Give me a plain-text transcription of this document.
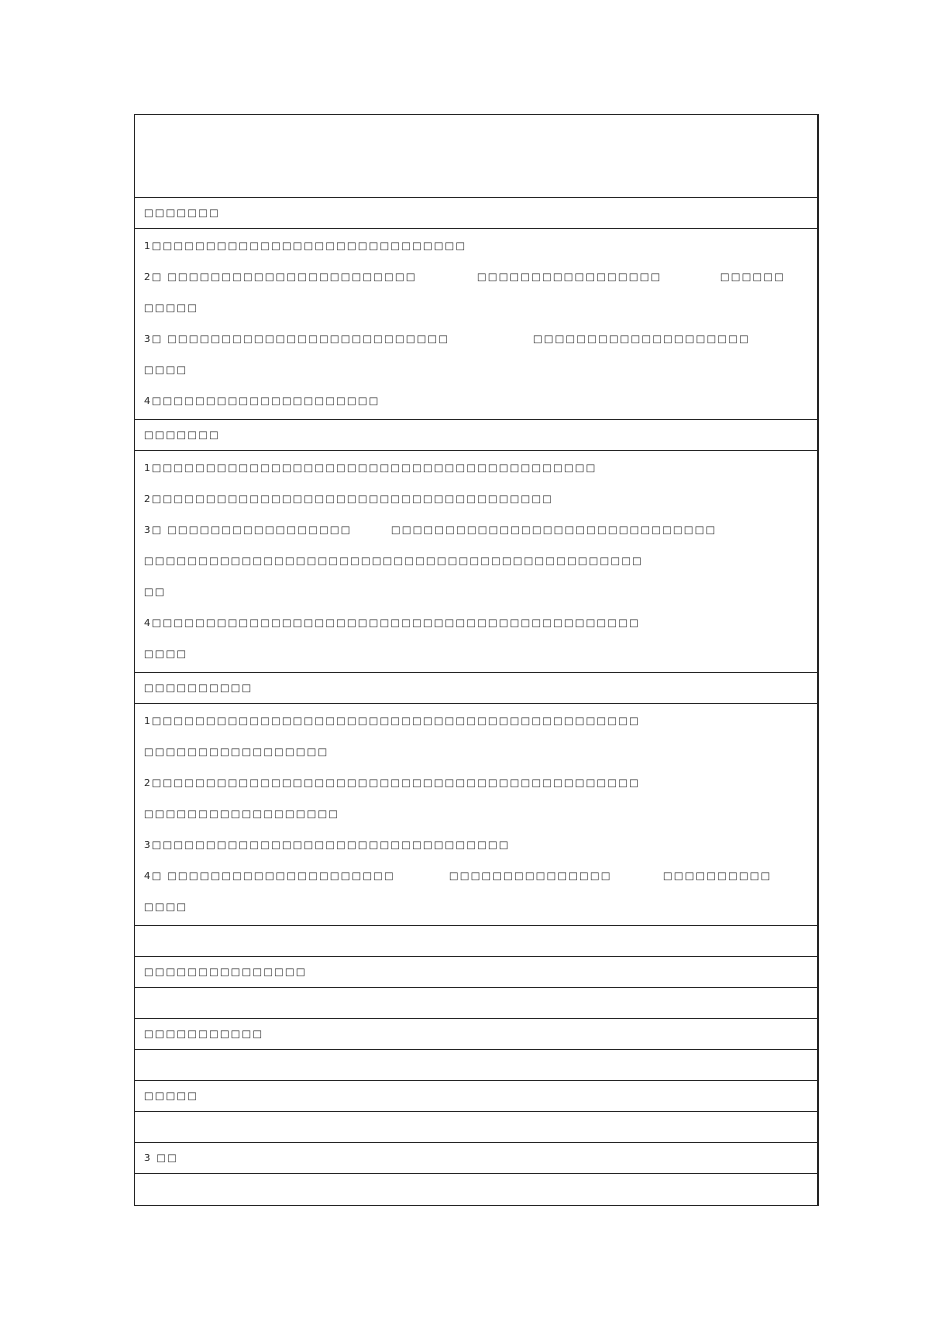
□□□□□□□
1□□□□□□□□□□□□□□□□□□□□□□□□□□□□□
2□ □□□□□□□□□□□□□□□□□□□□□□□	□□□□□□□□□□□□□□□□□	□□□□□□
□□□□□
3□ □□□□□□□□□□□□□□□□□□□□□□□□□□	□□□□□□□□□□□□□□□□□□□□
□□□□
4□□□□□□□□□□□□□□□□□□□□□
□□□□□□□
1□□□□□□□□□□□□□□□□□□□□□□□□□□□□□□□□□□□□□□□□□
2□□□□□□□□□□□□□□□□□□□□□□□□□□□□□□□□□□□□□
3□ □□□□□□□□□□□□□□□□□	□□□□□□□□□□□□□□□□□□□□□□□□□□□□□□
□□□□□□□□□□□□□□□□□□□□□□□□□□□□□□□□□□□□□□□□□□□□□□
□□
4□□□□□□□□□□□□□□□□□□□□□□□□□□□□□□□□□□□□□□□□□□□□□
□□□□
□□□□□□□□□□
1□□□□□□□□□□□□□□□□□□□□□□□□□□□□□□□□□□□□□□□□□□□□□
□□□□□□□□□□□□□□□□□
2□□□□□□□□□□□□□□□□□□□□□□□□□□□□□□□□□□□□□□□□□□□□□
□□□□□□□□□□□□□□□□□□
3□□□□□□□□□□□□□□□□□□□□□□□□□□□□□□□□□
4□ □□□□□□□□□□□□□□□□□□□□□	□□□□□□□□□□□□□□□	□□□□□□□□□□
□□□□
□□□□□□□□□□□□□□□
□□□□□□□□□□□
□□□□□
3 □□
